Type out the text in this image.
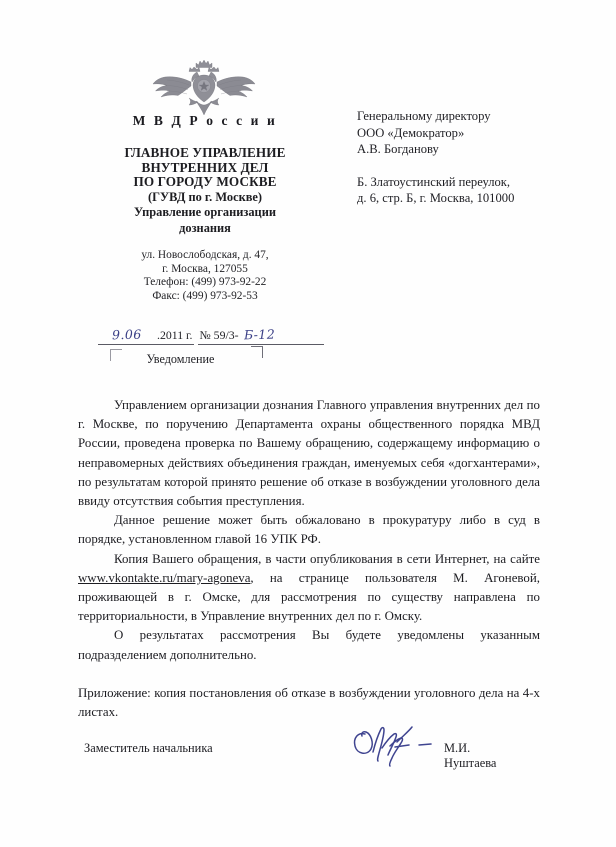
М В Д Р о с с и и
ГЛАВНОЕ УПРАВЛЕНИЕ
ВНУТРЕННИХ ДЕЛ
ПО ГОРОДУ МОСКВЕ
(ГУВД по г. Москве)
Управление организации
дознания
ул. Новослободская, д. 47,
г. Москва, 127055
Телефон: (499) 973-92-22
Факс: (499) 973-92-53
Генеральному директору
ООО «Демократор»
А.В. Богданову
Б. Златоустинский переулок,
д. 6, стр. Б, г. Москва, 101000
9.06	.2011 г.
№ 59/3- Б-12
Уведомление

Управлением организации дознания Главного управления внутренних дел по г. Москве, по поручению Департамента охраны общественного порядка МВД России, проведена проверка по Вашему обращению, содержащему информацию о неправомерных действиях объединения граждан, именуемых себя «догхантерами», по результатам которой принято решение об отказе в возбуждении уголовного дела ввиду отсутствия события преступления.

Данное решение может быть обжаловано в прокуратуру либо в суд в порядке, установленном главой 16 УПК РФ.

Копия Вашего обращения, в части опубликования в сети Интернет, на сайте www.vkontakte.ru/mary-agoneva, на странице пользователя М. Агоневой, проживающей в г. Омске, для рассмотрения по существу направлена по территориальности, в Управление внутренних дел по г. Омску.

О результатах рассмотрения Вы будете уведомлены указанным подразделением дополнительно.

Приложение: копия постановления об отказе в возбуждении уголовного дела на 4-х листах.

Заместитель начальника	М.И. Нуштаева
